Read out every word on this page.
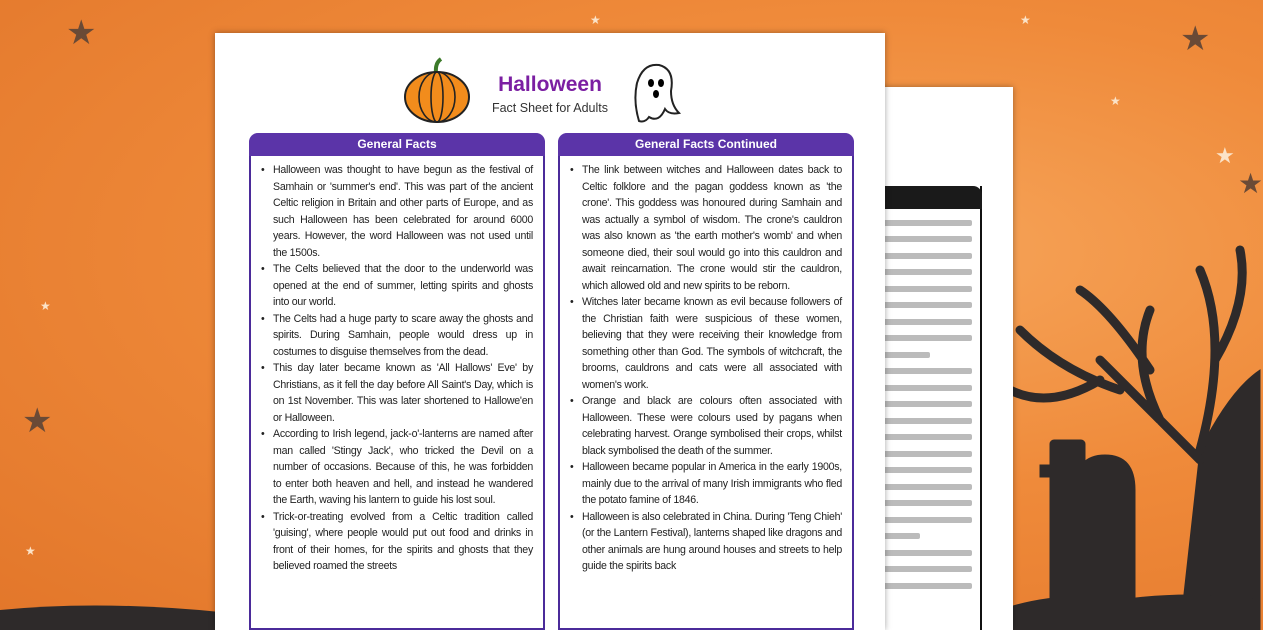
★	★
★
★
★
★	★
★
★
★
Halloween
Fact Sheet for Adults
General Facts
• Halloween was thought to have begun as the festival of Samhain or 'summer's end'. This was part of the ancient Celtic religion in Britain and other parts of Europe, and as such Halloween has been celebrated for around 6000 years. However, the word Halloween was not used until the 1500s.
• The Celts believed that the door to the underworld was opened at the end of summer, letting spirits and ghosts into our world.
• The Celts had a huge party to scare away the ghosts and spirits. During Samhain, people would dress up in costumes to disguise themselves from the dead.
• This day later became known as 'All Hallows' Eve' by Christians, as it fell the day before All Saint's Day, which is on 1st November. This was later shortened to Hallowe'en or Halloween.
• According to Irish legend, jack-o'-lanterns are named after man called 'Stingy Jack', who tricked the Devil on a number of occasions. Because of this, he was forbidden to enter both heaven and hell, and instead he wandered the Earth, waving his lantern to guide his lost soul.
• Trick-or-treating evolved from a Celtic tradition called 'guising', where people would put out food and drinks in front of their homes, for the spirits and ghosts that they believed roamed the streets
General Facts Continued
• The link between witches and Halloween dates back to Celtic folklore and the pagan goddess known as 'the crone'. This goddess was honoured during Samhain and was actually a symbol of wisdom. The crone's cauldron was also known as 'the earth mother's womb' and when someone died, their soul would go into this cauldron and await reincarnation. The crone would stir the cauldron, which allowed old and new spirits to be reborn.
• Witches later became known as evil because followers of the Christian faith were suspicious of these women, believing that they were receiving their knowledge from something other than God. The symbols of witchcraft, the brooms, cauldrons and cats were all associated with women's work.
• Orange and black are colours often associated with Halloween. These were colours used by pagans when celebrating harvest. Orange symbolised their crops, whilst black symbolised the death of the summer.
• Halloween became popular in America in the early 1900s, mainly due to the arrival of many Irish immigrants who fled the potato famine of 1846.
• Halloween is also celebrated in China. During 'Teng Chieh' (or the Lantern Festival), lanterns shaped like dragons and other animals are hung around houses and streets to help guide the spirits back
